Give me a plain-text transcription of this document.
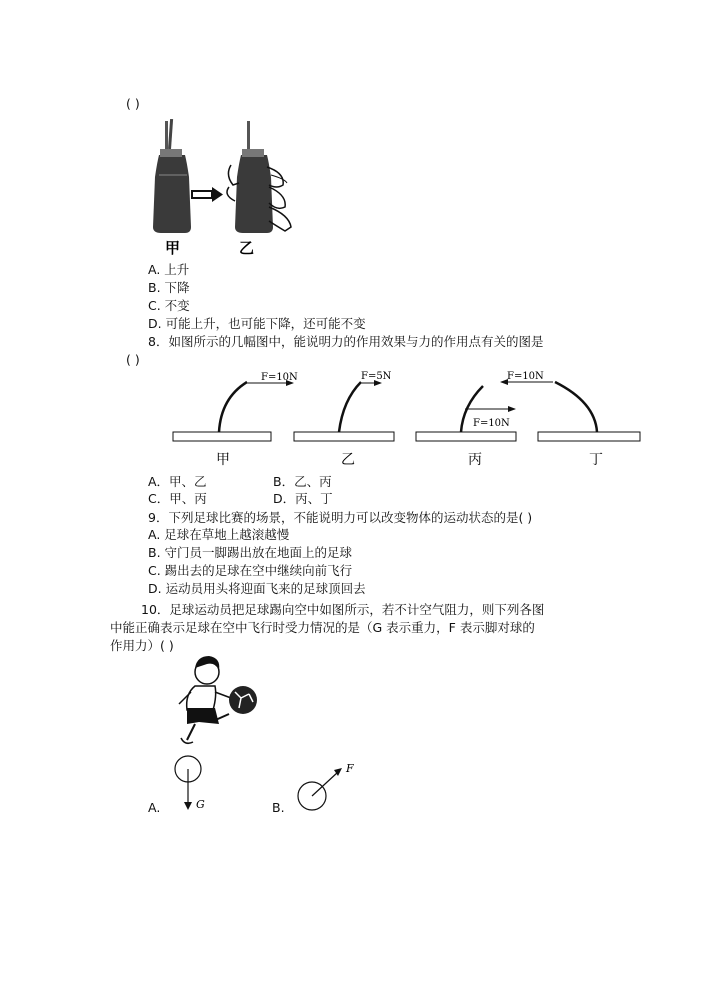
( )
甲	乙
A. 上升
B. 下降
C. 不变
D. 可能上升，也可能下降，还可能不变
8．如图所示的几幅图中，能说明力的作用效果与力的作用点有关的图是
( )
F=10N
甲
F=5N
乙
F=10N
丙
F=10N
丁
A．甲、乙	B．乙、丙
C．甲、丙	D．丙、丁
9．下列足球比赛的场景，不能说明力可以改变物体的运动状态的是( )
A. 足球在草地上越滚越慢
B. 守门员一脚踢出放在地面上的足球
C. 踢出去的足球在空中继续向前飞行
D. 运动员用头将迎面飞来的足球顶回去
10．足球运动员把足球踢向空中如图所示，若不计空气阻力，则下列各图
中能正确表示足球在空中飞行时受力情况的是（G 表示重力，F 表示脚对球的
作用力）( )
G
A.
F
B.
